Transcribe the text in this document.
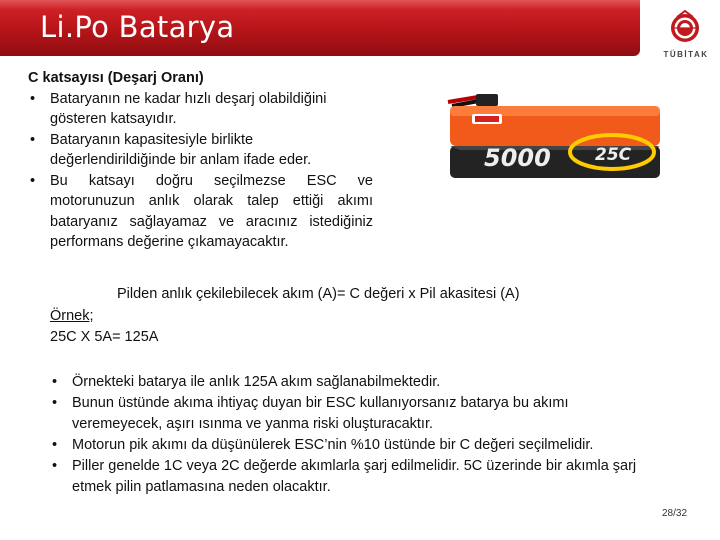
Li.Po Batarya
TÜBİTAK
C katsayısı (Deşarj Oranı)
• Bataryanın ne kadar hızlı deşarj olabildiğini gösteren katsayıdır.
• Bataryanın kapasitesiyle birlikte değerlendirildiğinde bir anlam ifade eder.
• Bu katsayı doğru seçilmezse ESC ve motorunuzun anlık olarak talep ettiği akımı bataryanız sağlayamaz ve aracınız istediğiniz performans değerine çıkamayacaktır.
5000	25C
Pilden anlık çekilebilecek akım (A)= C değeri x Pil akasitesi (A)
Örnek;
25C X 5A= 125A
• Örnekteki batarya ile anlık 125A akım sağlanabilmektedir.
• Bunun üstünde akıma ihtiyaç duyan bir ESC kullanıyorsanız batarya bu akımı veremeyecek, aşırı ısınma ve yanma riski oluşturacaktır.
• Motorun pik akımı da düşünülerek ESC’nin %10 üstünde bir C değeri seçilmelidir.
• Piller genelde 1C veya 2C değerde akımlarla şarj edilmelidir. 5C üzerinde bir akımla şarj etmek pilin patlamasına neden olacaktır.
28/32
